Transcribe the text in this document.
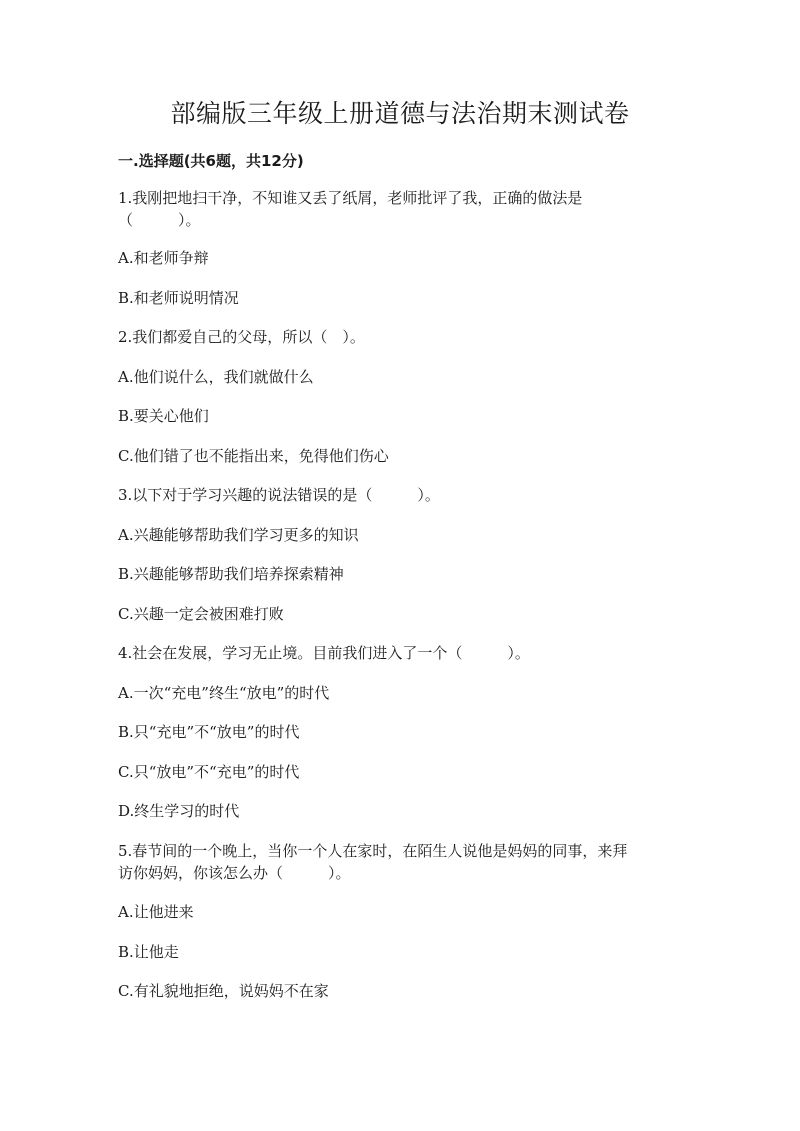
部编版三年级上册道德与法治期末测试卷
一.选择题(共6题，共12分)
1.我刚把地扫干净，不知谁又丢了纸屑，老师批评了我，正确的做法是
（　　　）。
A.和老师争辩
B.和老师说明情况
2.我们都爱自己的父母，所以（　）。
A.他们说什么，我们就做什么
B.要关心他们
C.他们错了也不能指出来，免得他们伤心
3.以下对于学习兴趣的说法错误的是（　　　）。
A.兴趣能够帮助我们学习更多的知识
B.兴趣能够帮助我们培养探索精神
C.兴趣一定会被困难打败
4.社会在发展，学习无止境。目前我们进入了一个（　　　）。
A.一次“充电”终生“放电”的时代
B.只“充电”不“放电”的时代
C.只“放电”不“充电”的时代
D.终生学习的时代
5.春节间的一个晚上，当你一个人在家时，在陌生人说他是妈妈的同事，来拜
访你妈妈，你该怎么办（　　　）。
A.让他进来
B.让他走
C.有礼貌地拒绝，说妈妈不在家
